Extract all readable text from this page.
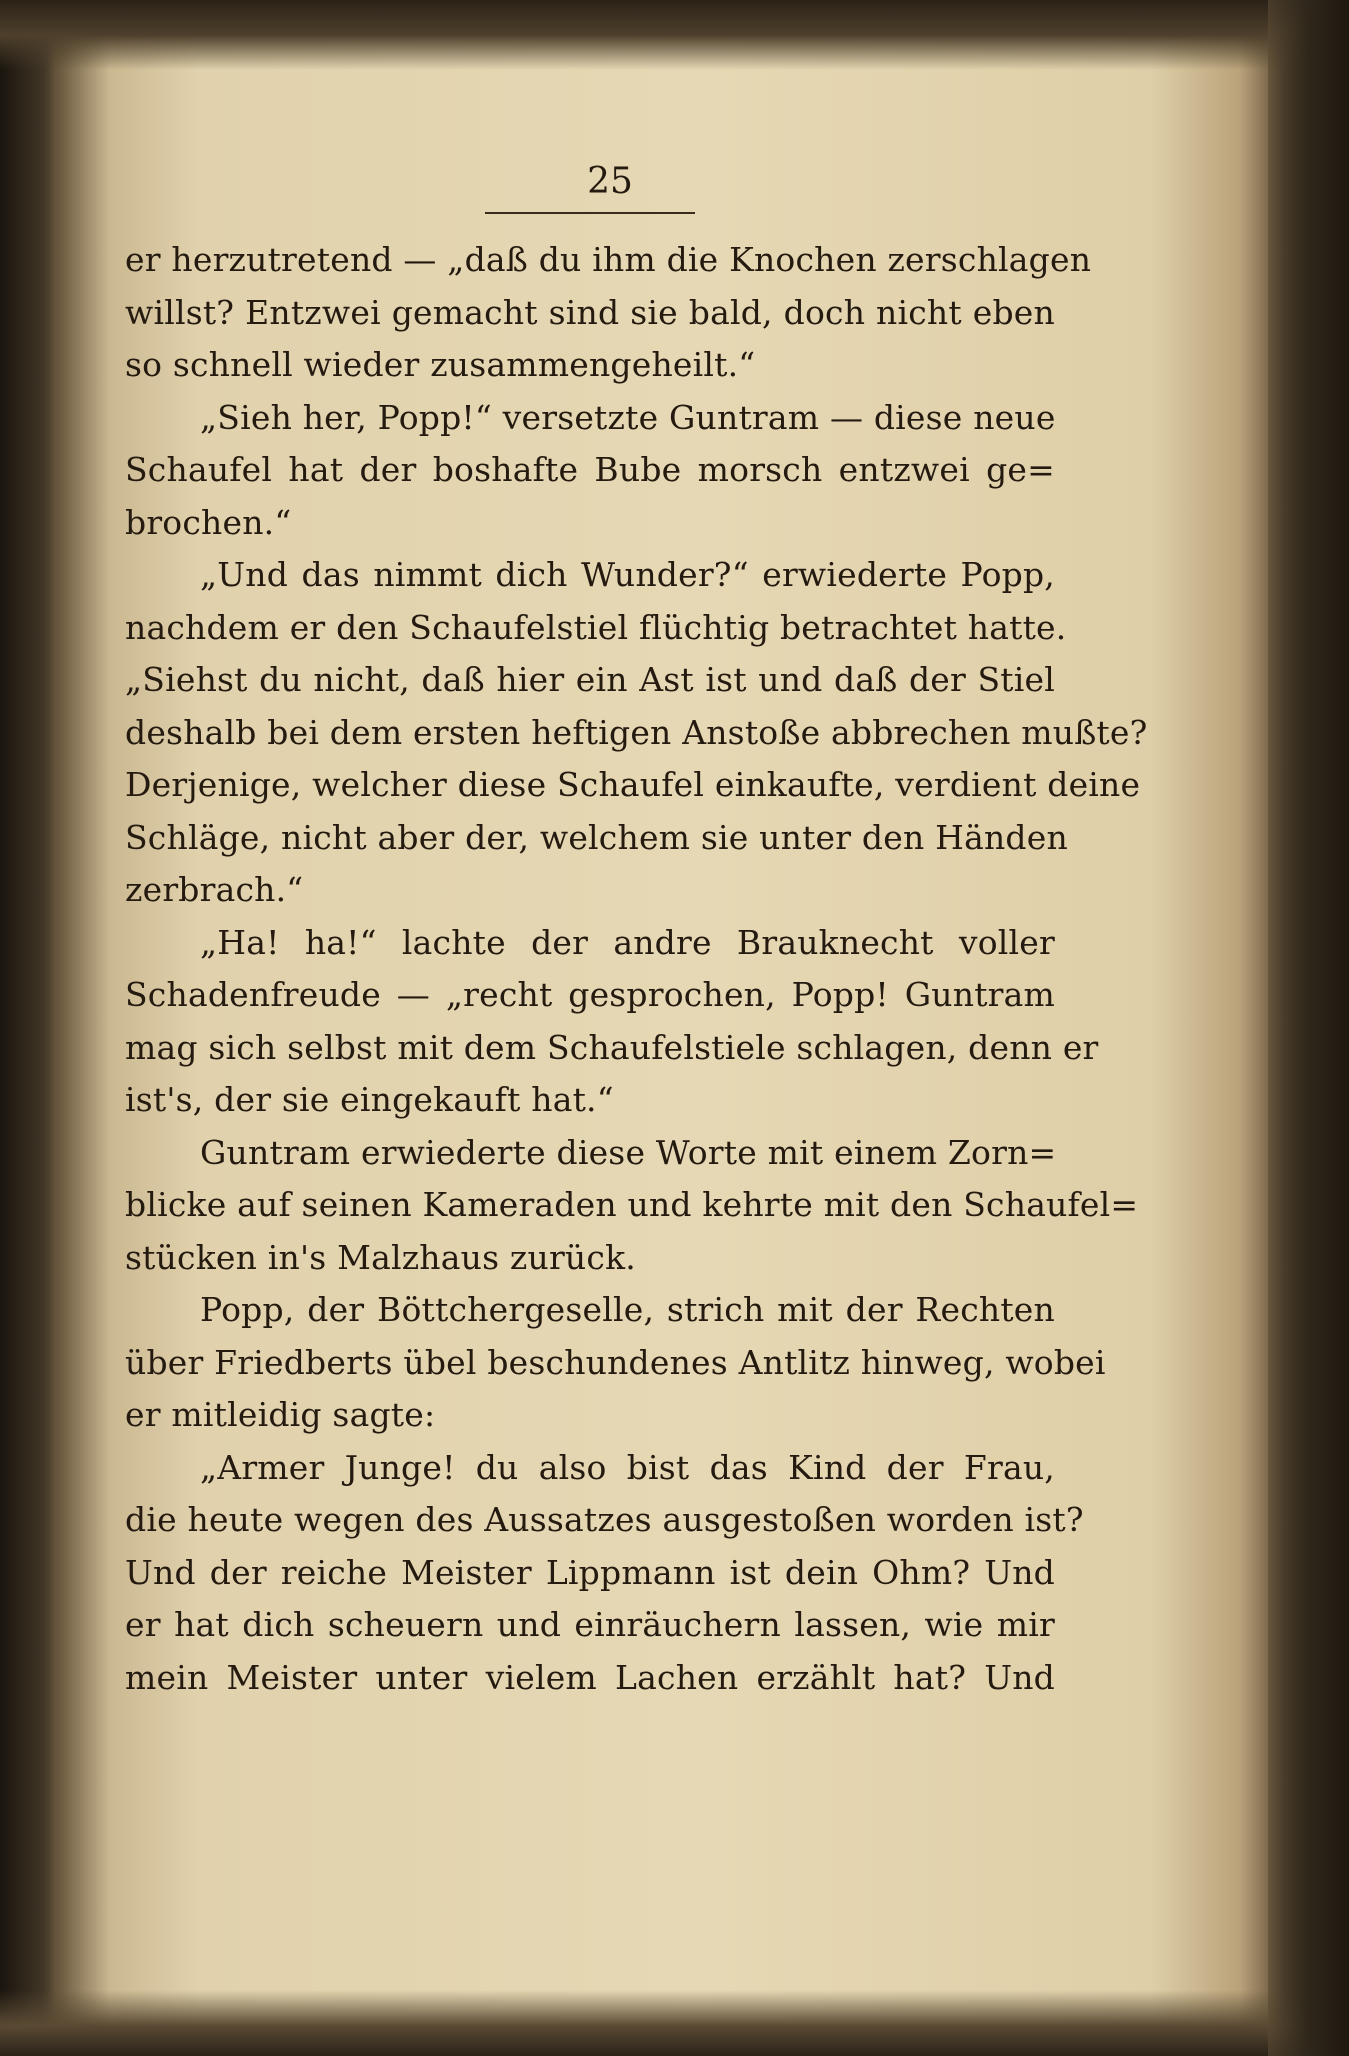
25
er herzutretend — „daß du ihm die Knochen zerschlagen
willst? Entzwei gemacht sind sie bald, doch nicht eben
so schnell wieder zusammengeheilt.“
„Sieh her, Popp!“ versetzte Guntram — diese neue
Schaufel hat der boshafte Bube morsch entzwei ge=
brochen.“
„Und das nimmt dich Wunder?“ erwiederte Popp,
nachdem er den Schaufelstiel flüchtig betrachtet hatte.
„Siehst du nicht, daß hier ein Ast ist und daß der Stiel
deshalb bei dem ersten heftigen Anstoße abbrechen mußte?
Derjenige, welcher diese Schaufel einkaufte, verdient deine
Schläge, nicht aber der, welchem sie unter den Händen
zerbrach.“
„Ha! ha!“ lachte der andre Brauknecht voller
Schadenfreude — „recht gesprochen, Popp! Guntram
mag sich selbst mit dem Schaufelstiele schlagen, denn er
ist's, der sie eingekauft hat.“
Guntram erwiederte diese Worte mit einem Zorn=
blicke auf seinen Kameraden und kehrte mit den Schaufel=
stücken in's Malzhaus zurück.
Popp, der Böttchergeselle, strich mit der Rechten
über Friedberts übel beschundenes Antlitz hinweg, wobei
er mitleidig sagte:
„Armer Junge! du also bist das Kind der Frau,
die heute wegen des Aussatzes ausgestoßen worden ist?
Und der reiche Meister Lippmann ist dein Ohm? Und
er hat dich scheuern und einräuchern lassen, wie mir
mein Meister unter vielem Lachen erzählt hat? Und
